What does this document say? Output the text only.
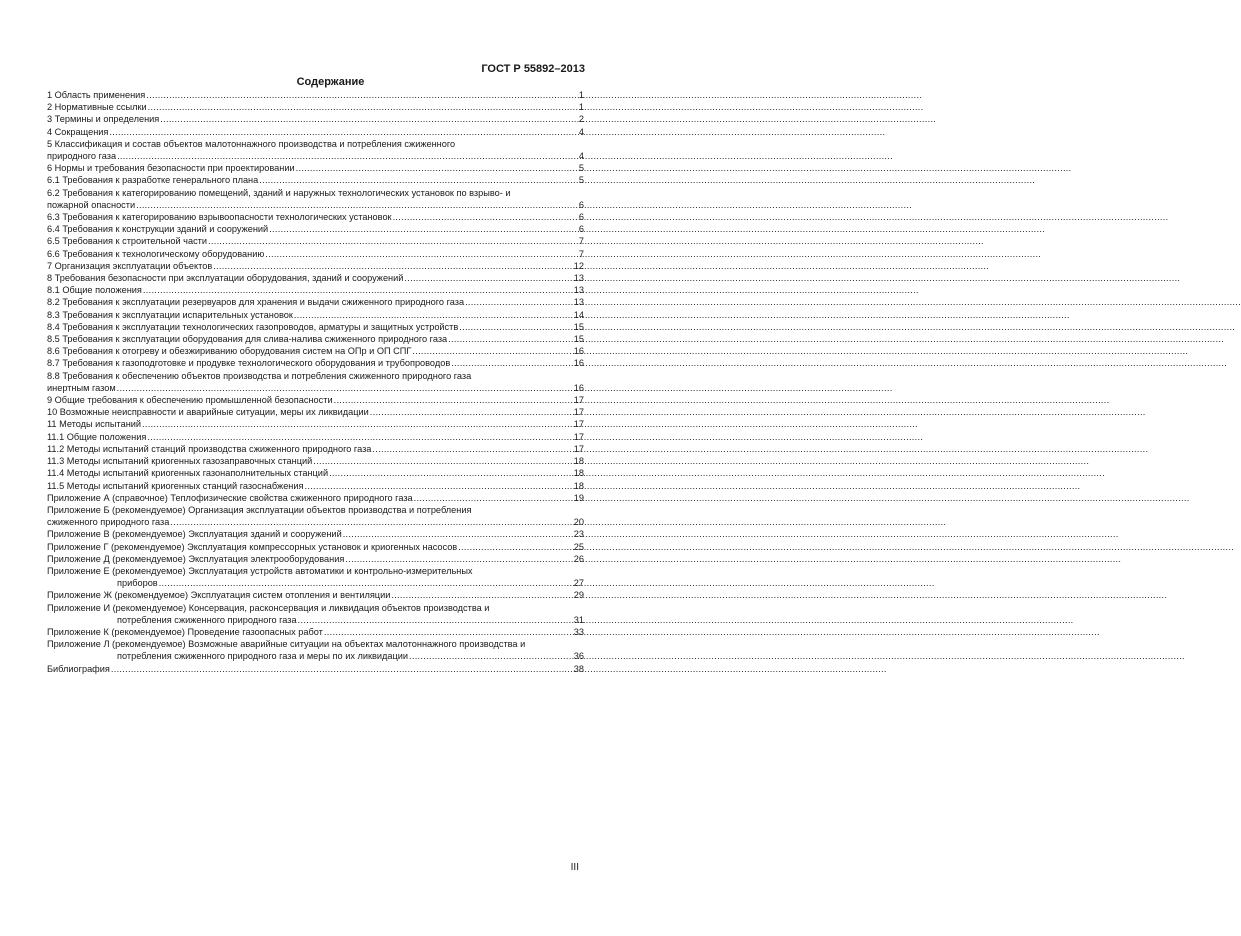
ГОСТ Р 55892–2013
Содержание
1 Область применения .....	1
2 Нормативные ссылки .....	1
3 Термины и определения .....	2
4 Сокращения .....	4
5 Классификация и состав объектов малотоннажного производства и потребления сжиженного
природного газа .....	4
6 Нормы и требования безопасности при проектировании .....	5
6.1 Требования к разработке генерального плана .....	5
6.2 Требования к категорированию помещений, зданий и наружных технологических установок по взрыво- и
пожарной опасности .....	6
6.3 Требования к категорированию взрывоопасности технологических установок .....	6
6.4 Требования к конструкции зданий и сооружений .....	6
6.5 Требования к строительной части .....	7
6.6 Требования к технологическому оборудованию .....	7
7 Организация эксплуатации объектов .....	12
8 Требования безопасности при эксплуатации оборудования, зданий и сооружений .....	13
8.1 Общие положения .....	13
8.2 Требования к эксплуатации резервуаров для хранения и выдачи сжиженного природного газа .....	13
8.3 Требования к эксплуатации испарительных установок .....	14
8.4 Требования к эксплуатации технологических газопроводов, арматуры и защитных устройств .....	15
8.5 Требования к эксплуатации оборудования для слива-налива сжиженного природного газа .....	15
8.6 Требования к отогреву и обезжириванию оборудования систем на ОПр и ОП СПГ .....	16
8.7 Требования к газоподготовке и продувке технологического оборудования и трубопроводов .....	16
8.8 Требования к обеспечению объектов производства и потребления сжиженного природного газа
инертным газом .....	16
9 Общие требования к обеспечению промышленной безопасности .....	17
10 Возможные неисправности и аварийные ситуации, меры их ликвидации .....	17
11 Методы испытаний .....	17
11.1 Общие положения .....	17
11.2 Методы испытаний станций производства сжиженного природного газа .....	17
11.3 Методы испытаний криогенных газозаправочных станций .....	18
11.4 Методы испытаний криогенных газонаполнительных станций .....	18
11.5 Методы испытаний криогенных станций газоснабжения .....	18
Приложение А (справочное) Теплофизические свойства сжиженного природного газа .....	19
Приложение Б (рекомендуемое) Организация эксплуатации объектов производства и потребления
сжиженного природного газа .....	20
Приложение В (рекомендуемое) Эксплуатация зданий и сооружений .....	23
Приложение Г (рекомендуемое) Эксплуатация компрессорных установок и криогенных насосов .....	25
Приложение Д (рекомендуемое) Эксплуатация электрооборудования .....	26
Приложение Е (рекомендуемое) Эксплуатация устройств автоматики и контрольно-измерительных
приборов .....	27
Приложение Ж (рекомендуемое) Эксплуатация систем отопления и вентиляции .....	29
Приложение И (рекомендуемое) Консервация, расконсервация и ликвидация объектов производства и
потребления сжиженного природного газа .....	31
Приложение К (рекомендуемое) Проведение газоопасных работ .....	33
Приложение Л (рекомендуемое) Возможные аварийные ситуации на объектах малотоннажного производства и
потребления сжиженного природного газа и меры по их ликвидации .....	36
Библиография .....	38
III
